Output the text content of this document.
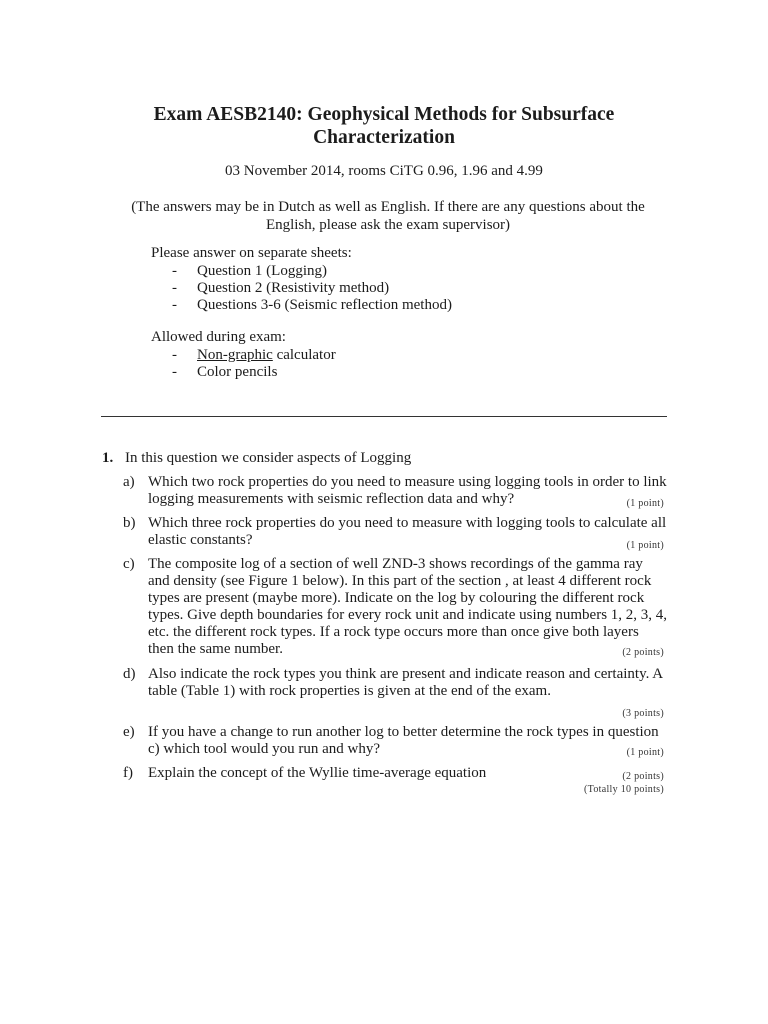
Exam AESB2140: Geophysical Methods for Subsurface
Characterization
03 November 2014, rooms CiTG 0.96, 1.96 and 4.99
(The answers may be in Dutch as well as English. If there are any questions about the
English, please ask the exam supervisor)
Please answer on separate sheets:
- Question 1 (Logging)
- Question 2 (Resistivity method)
- Questions 3-6 (Seismic reflection method)
Allowed during exam:
- Non-graphic calculator
- Color pencils
1. In this question we consider aspects of Logging
a) Which two rock properties do you need to measure using logging tools in order to link logging measurements with seismic reflection data and why?	(1 point)
b) Which three rock properties do you need to measure with logging tools to calculate all elastic constants?	(1 point)
c) The composite log of a section of well ZND-3 shows recordings of the gamma ray and density (see Figure 1 below). In this part of the section , at least 4 different rock types are present (maybe more). Indicate on the log by colouring the different rock types. Give depth boundaries for every rock unit and indicate using numbers 1, 2, 3, 4, etc. the different rock types. If a rock type occurs more than once give both layers then the same number.	(2 points)
d) Also indicate the rock types you think are present and indicate reason and certainty. A table (Table 1) with rock properties is given at the end of the exam.
(3 points)
e) If you have a change to run another log to better determine the rock types in question c) which tool would you run and why?	(1 point)
f) Explain the concept of the Wyllie time-average equation	(2 points)
(Totally 10 points)
